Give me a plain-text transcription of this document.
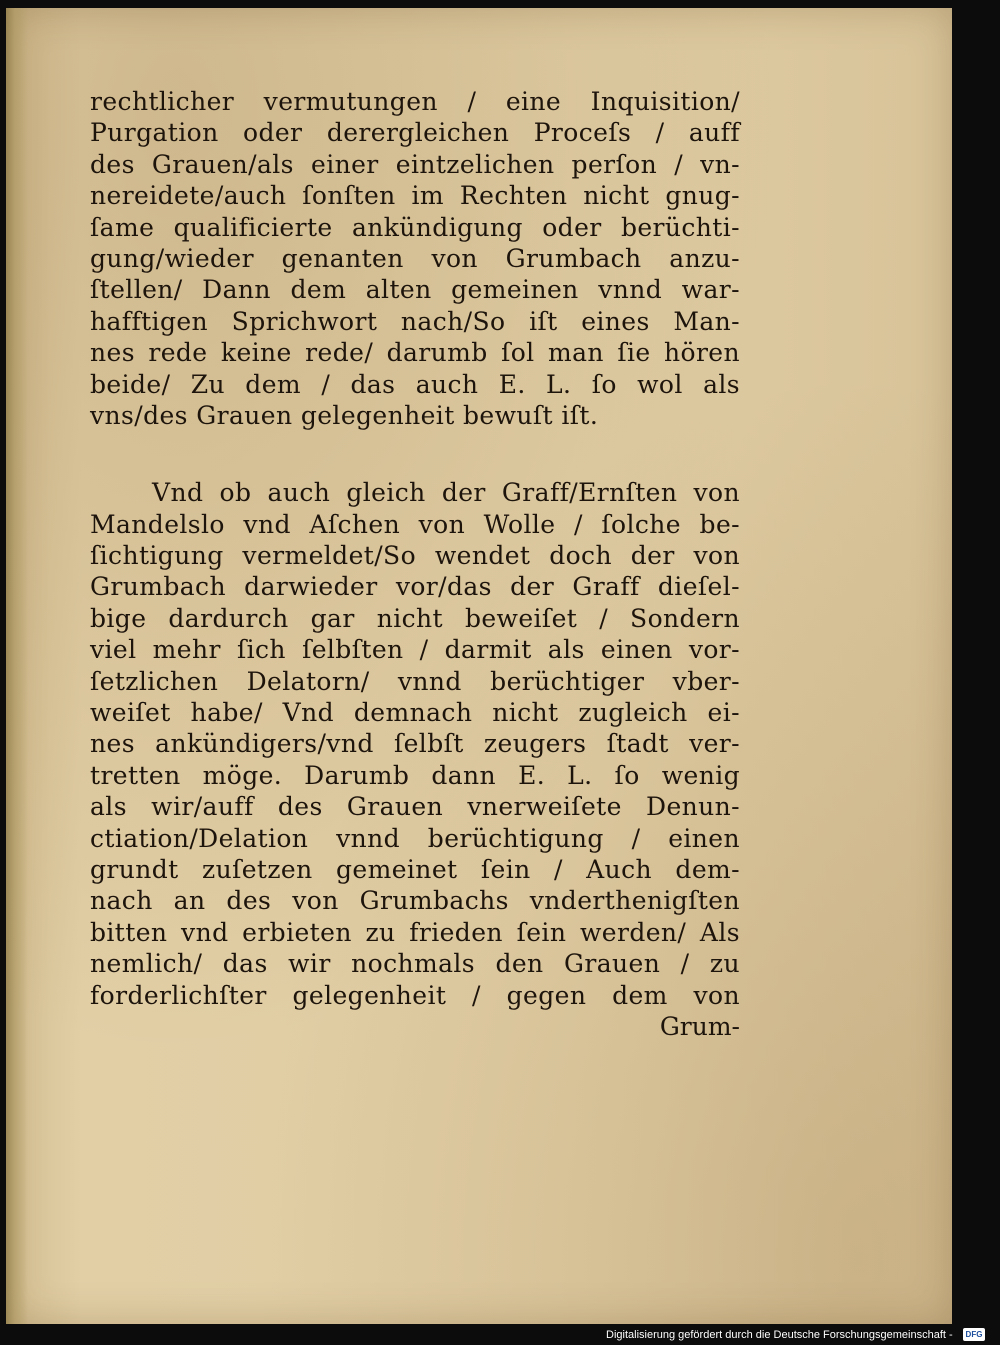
rechtlicher vermutungen / eine Inquisition/
Purgation oder derergleichen Proceſs / auff
des Grauen/als einer eintzelichen perſon / vn-
nereidete/auch ſonſten im Rechten nicht gnug-
ſame qualificierte ankündigung oder berüchti-
gung/wieder genanten von Grumbach anzu-
ſtellen/ Dann dem alten gemeinen vnnd war-
hafftigen Sprichwort nach/So iſt eines Man-
nes rede keine rede/ darumb ſol man ſie hören
beide/ Zu dem / das auch E. L. ſo wol als
vns/des Grauen gelegenheit bewuſt iſt.
Vnd ob auch gleich der Graff/Ernſten von
Mandelslo vnd Aſchen von Wolle / ſolche be-
ſichtigung vermeldet/So wendet doch der von
Grumbach darwieder vor/das der Graff dieſel-
bige dardurch gar nicht beweiſet / Sondern
viel mehr ſich ſelbſten / darmit als einen vor-
ſetzlichen Delatorn/ vnnd berüchtiger vber-
weiſet habe/ Vnd demnach nicht zugleich ei-
nes ankündigers/vnd ſelbſt zeugers ſtadt ver-
tretten möge. Darumb dann E. L. ſo wenig
als wir/auff des Grauen vnerweiſete Denun-
ctiation/Delation vnnd berüchtigung / einen
grundt zuſetzen gemeinet ſein / Auch dem-
nach an des von Grumbachs vnderthenigſten
bitten vnd erbieten zu frieden ſein werden/ Als
nemlich/ das wir nochmals den Grauen / zu
forderlichſter gelegenheit / gegen dem von
Grum-
Digitalisierung gefördert durch die Deutsche Forschungsgemeinschaft -	DFG
